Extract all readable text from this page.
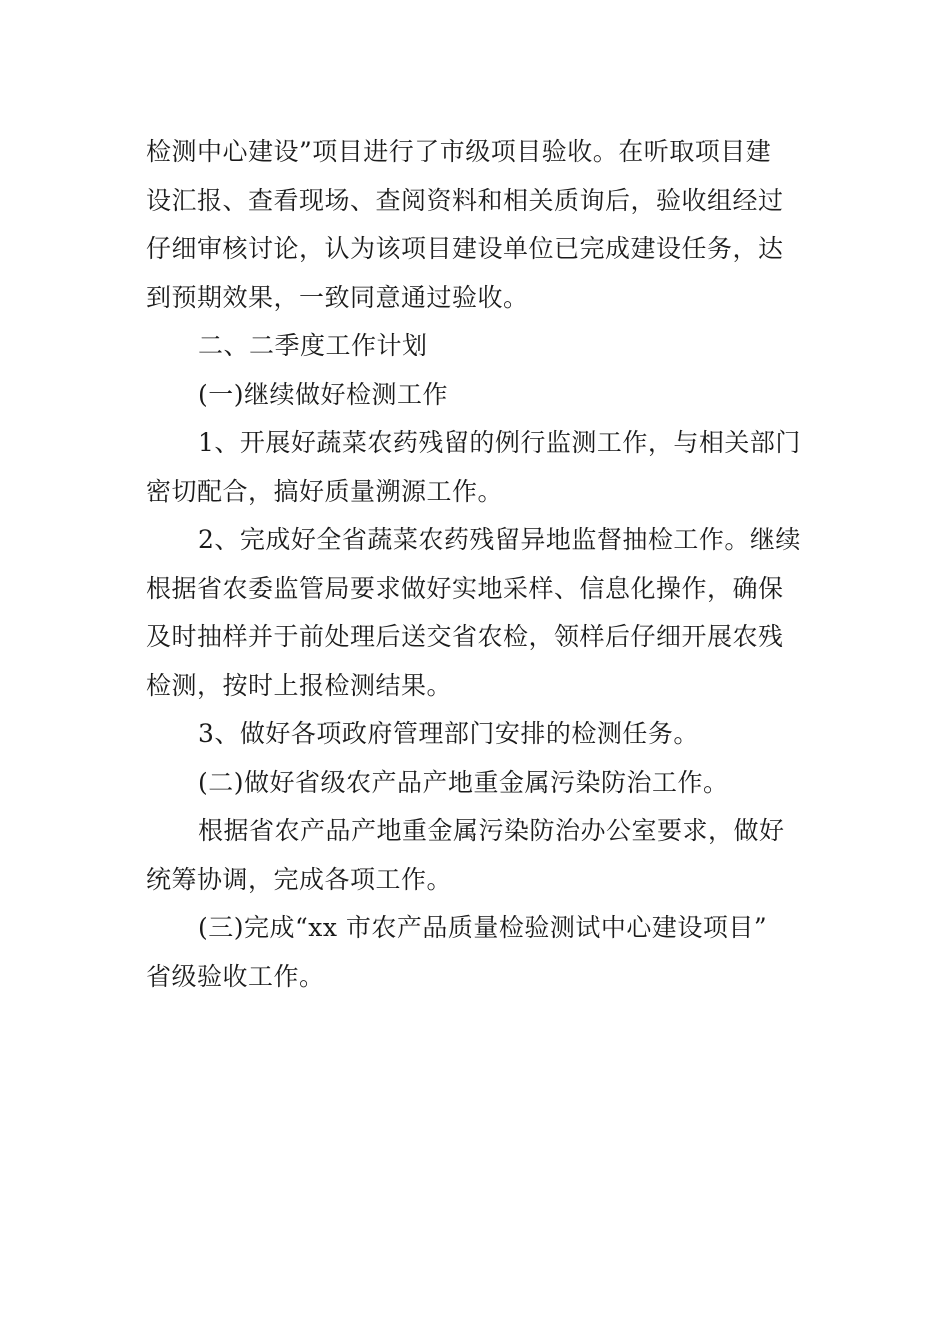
检测中心建设”项目进行了市级项目验收。在听取项目建
设汇报、查看现场、查阅资料和相关质询后，验收组经过
仔细审核讨论，认为该项目建设单位已完成建设任务，达
到预期效果，一致同意通过验收。
二、二季度工作计划
(一)继续做好检测工作
1、开展好蔬菜农药残留的例行监测工作，与相关部门
密切配合，搞好质量溯源工作。
2、完成好全省蔬菜农药残留异地监督抽检工作。继续
根据省农委监管局要求做好实地采样、信息化操作，确保
及时抽样并于前处理后送交省农检，领样后仔细开展农残
检测，按时上报检测结果。
3、做好各项政府管理部门安排的检测任务。
(二)做好省级农产品产地重金属污染防治工作。
根据省农产品产地重金属污染防治办公室要求，做好
统筹协调，完成各项工作。
(三)完成“xx 市农产品质量检验测试中心建设项目”
省级验收工作。
